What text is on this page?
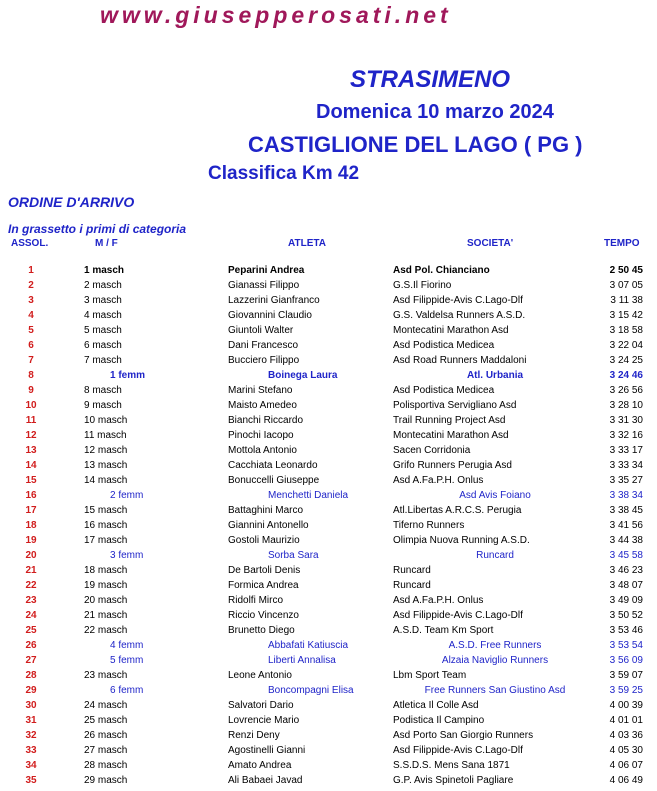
www.giusepperosati.net
STRASIMENO
Domenica 10 marzo 2024
CASTIGLIONE DEL LAGO ( PG )
Classifica Km 42
ORDINE D'ARRIVO
In grassetto i primi di categoria
ASSOL.	M / F	ATLETA	SOCIETA'	TEMPO
1	1 masch	Peparini Andrea	Asd Pol. Chianciano	2 50 45
2	2 masch	Gianassi Filippo	G.S.Il Fiorino	3 07 05
3	3 masch	Lazzerini Gianfranco	Asd Filippide-Avis C.Lago-Dlf	3 11 38
4	4 masch	Giovannini Claudio	G.S. Valdelsa Runners A.S.D.	3 15 42
5	5 masch	Giuntoli Walter	Montecatini Marathon Asd	3 18 58
6	6 masch	Dani Francesco	Asd Podistica Medicea	3 22 04
7	7 masch	Bucciero Filippo	Asd Road Runners Maddaloni	3 24 25
8	1 femm	Boinega Laura	Atl. Urbania	3 24 46
9	8 masch	Marini Stefano	Asd Podistica Medicea	3 26 56
10	9 masch	Maisto Amedeo	Polisportiva Servigliano Asd	3 28 10
11	10 masch	Bianchi Riccardo	Trail Running Project Asd	3 31 30
12	11 masch	Pinochi Iacopo	Montecatini Marathon Asd	3 32 16
13	12 masch	Mottola Antonio	Sacen Corridonia	3 33 17
14	13 masch	Cacchiata Leonardo	Grifo Runners Perugia Asd	3 33 34
15	14 masch	Bonuccelli Giuseppe	Asd A.Fa.P.H. Onlus	3 35 27
16	2 femm	Menchetti Daniela	Asd Avis Foiano	3 38 34
17	15 masch	Battaghini Marco	Atl.Libertas A.R.C.S. Perugia	3 38 45
18	16 masch	Giannini Antonello	Tiferno Runners	3 41 56
19	17 masch	Gostoli Maurizio	Olimpia Nuova Running A.S.D.	3 44 38
20	3 femm	Sorba Sara	Runcard	3 45 58
21	18 masch	De Bartoli Denis	Runcard	3 46 23
22	19 masch	Formica Andrea	Runcard	3 48 07
23	20 masch	Ridolfi Mirco	Asd A.Fa.P.H. Onlus	3 49 09
24	21 masch	Riccio Vincenzo	Asd Filippide-Avis C.Lago-Dlf	3 50 52
25	22 masch	Brunetto Diego	A.S.D. Team Km Sport	3 53 46
26	4 femm	Abbafati Katiuscia	A.S.D. Free Runners	3 53 54
27	5 femm	Liberti Annalisa	Alzaia Naviglio Runners	3 56 09
28	23 masch	Leone Antonio	Lbm Sport Team	3 59 07
29	6 femm	Boncompagni Elisa	Free Runners San Giustino Asd	3 59 25
30	24 masch	Salvatori Dario	Atletica Il Colle Asd	4 00 39
31	25 masch	Lovrencie Mario	Podistica Il Campino	4 01 01
32	26 masch	Renzi Deny	Asd Porto San Giorgio Runners	4 03 36
33	27 masch	Agostinelli Gianni	Asd Filippide-Avis C.Lago-Dlf	4 05 30
34	28 masch	Amato Andrea	S.S.D.S. Mens Sana 1871	4 06 07
35	29 masch	Ali Babaei Javad	G.P. Avis Spinetoli Pagliare	4 06 49
